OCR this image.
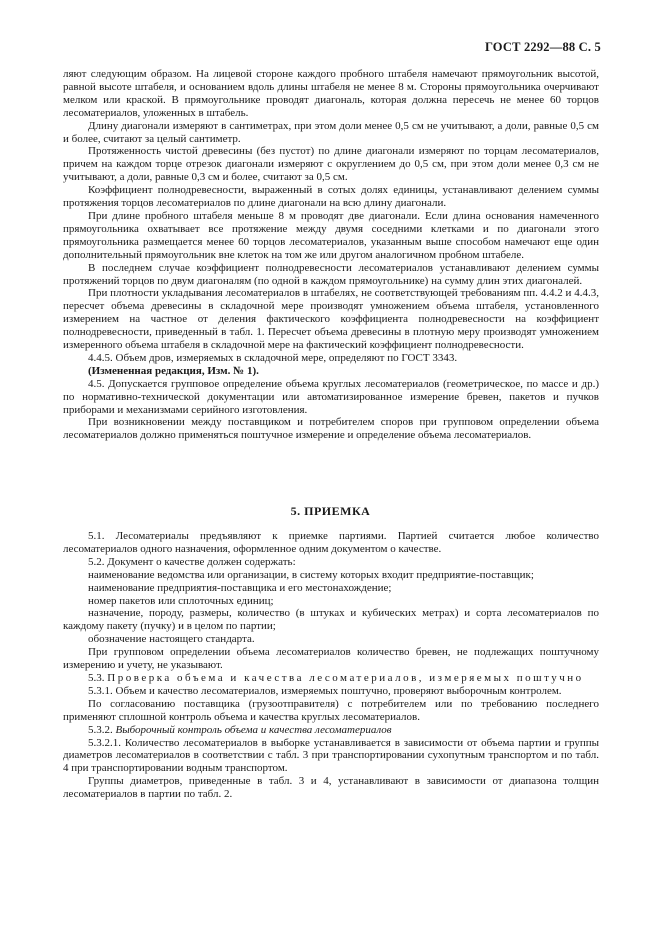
ГОСТ 2292—88 С. 5

ляют следующим образом. На лицевой стороне каждого пробного штабеля намечают прямоугольник высотой, равной высоте штабеля, и основанием вдоль длины штабеля не менее 8 м. Стороны прямоугольника очерчивают мелком или краской. В прямоугольнике проводят диагональ, которая должна пересечь не менее 60 торцов лесоматериалов, уложенных в штабель.

Длину диагонали измеряют в сантиметрах, при этом доли менее 0,5 см не учитывают, а доли, равные 0,5 см и более, считают за целый сантиметр.

Протяженность чистой древесины (без пустот) по длине диагонали измеряют по торцам лесоматериалов, причем на каждом торце отрезок диагонали измеряют с округлением до 0,5 см, при этом доли менее 0,3 см не учитывают, а доли, равные 0,3 см и более, считают за 0,5 см.

Коэффициент полнодревесности, выраженный в сотых долях единицы, устанавливают делением суммы протяжения торцов лесоматериалов по длине диагонали на всю длину диагонали.

При длине пробного штабеля меньше 8 м проводят две диагонали. Если длина основания намеченного прямоугольника охватывает все протяжение между двумя соседними клетками и по диагонали этого прямоугольника размещается менее 60 торцов лесоматериалов, указанным выше способом намечают еще один дополнительный прямоугольник вне клеток на том же или другом аналогичном пробном штабеле.

В последнем случае коэффициент полнодревесности лесоматериалов устанавливают делением суммы протяжений торцов по двум диагоналям (по одной в каждом прямоугольнике) на сумму длин этих диагоналей.

При плотности укладывания лесоматериалов в штабелях, не соответствующей требованиям пп. 4.4.2 и 4.4.3, пересчет объема древесины в складочной мере производят умножением объема штабеля, установленного измерением на частное от деления фактического коэффициента полнодревесности на коэффициент полнодревесности, приведенный в табл. 1. Пересчет объема древесины в плотную меру производят умножением измеренного объема штабеля в складочной мере на фактический коэффициент полнодревесности.

4.4.5. Объем дров, измеряемых в складочной мере, определяют по ГОСТ 3343.

(Измененная редакция, Изм. № 1).

4.5. Допускается групповое определение объема круглых лесоматериалов (геометрическое, по массе и др.) по нормативно-технической документации или автоматизированное измерение бревен, пакетов и пучков приборами и механизмами серийного изготовления.

При возникновении между поставщиком и потребителем споров при групповом определении объема лесоматериалов должно применяться поштучное измерение и определение объема лесоматериалов.

5. ПРИЕМКА

5.1. Лесоматериалы предъявляют к приемке партиями. Партией считается любое количество лесоматериалов одного назначения, оформленное одним документом о качестве.

5.2. Документ о качестве должен содержать:

наименование ведомства или организации, в систему которых входит предприятие-поставщик;

наименование предприятия-поставщика и его местонахождение;

номер пакетов или сплоточных единиц;

назначение, породу, размеры, количество (в штуках и кубических метрах) и сорта лесоматериалов по каждому пакету (пучку) и в целом по партии;

обозначение настоящего стандарта.

При групповом определении объема лесоматериалов количество бревен, не подлежащих поштучному измерению и учету, не указывают.

5.3. Проверка объема и качества лесоматериалов, измеряемых поштучно

5.3.1. Объем и качество лесоматериалов, измеряемых поштучно, проверяют выборочным контролем.

По согласованию поставщика (грузоотправителя) с потребителем или по требованию последнего применяют сплошной контроль объема и качества круглых лесоматериалов.

5.3.2. Выборочный контроль объема и качества лесоматериалов

5.3.2.1. Количество лесоматериалов в выборке устанавливается в зависимости от объема партии и группы диаметров лесоматериалов в соответствии с табл. 3 при транспортировании сухопутным транспортом и по табл. 4 при транспортировании водным транспортом.

Группы диаметров, приведенные в табл. 3 и 4, устанавливают в зависимости от диапазона толщин лесоматериалов в партии по табл. 2.
